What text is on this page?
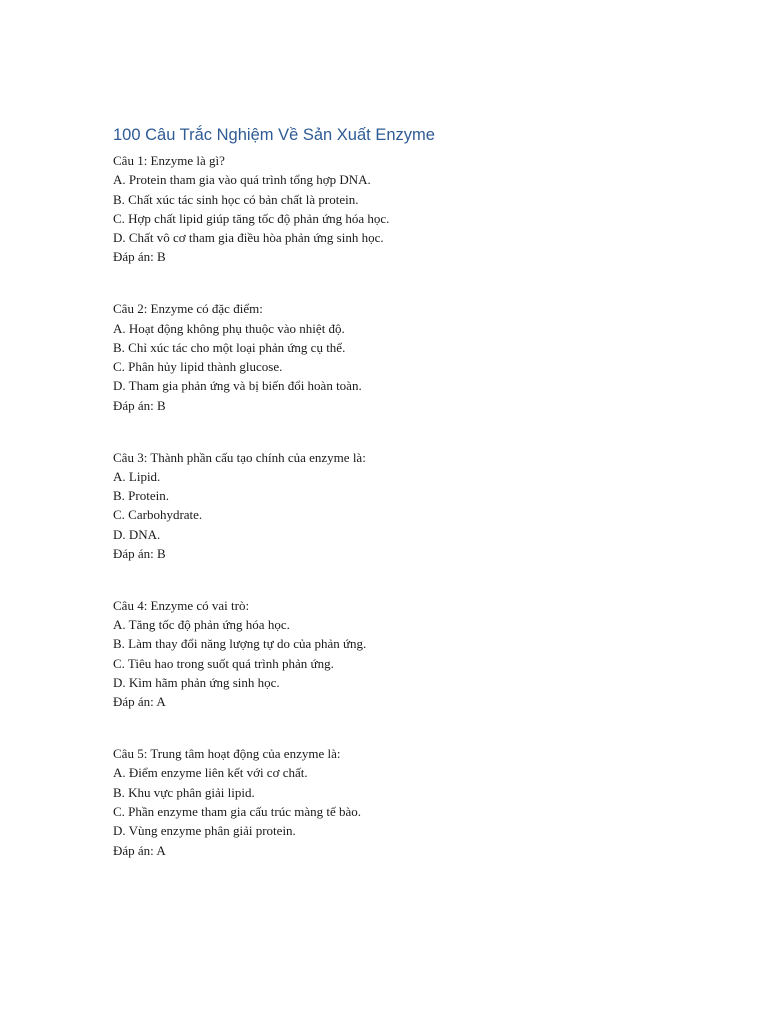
100 Câu Trắc Nghiệm Về Sản Xuất Enzyme

Câu 1: Enzyme là gì?

A. Protein tham gia vào quá trình tổng hợp DNA.

B. Chất xúc tác sinh học có bản chất là protein.

C. Hợp chất lipid giúp tăng tốc độ phản ứng hóa học.

D. Chất vô cơ tham gia điều hòa phản ứng sinh học.

Đáp án: B

Câu 2: Enzyme có đặc điểm:

A. Hoạt động không phụ thuộc vào nhiệt độ.

B. Chỉ xúc tác cho một loại phản ứng cụ thể.

C. Phân hủy lipid thành glucose.

D. Tham gia phản ứng và bị biến đổi hoàn toàn.

Đáp án: B

Câu 3: Thành phần cấu tạo chính của enzyme là:

A. Lipid.

B. Protein.

C. Carbohydrate.

D. DNA.

Đáp án: B

Câu 4: Enzyme có vai trò:

A. Tăng tốc độ phản ứng hóa học.

B. Làm thay đổi năng lượng tự do của phản ứng.

C. Tiêu hao trong suốt quá trình phản ứng.

D. Kìm hãm phản ứng sinh học.

Đáp án: A

Câu 5: Trung tâm hoạt động của enzyme là:

A. Điểm enzyme liên kết với cơ chất.

B. Khu vực phân giải lipid.

C. Phần enzyme tham gia cấu trúc màng tế bào.

D. Vùng enzyme phân giải protein.

Đáp án: A
